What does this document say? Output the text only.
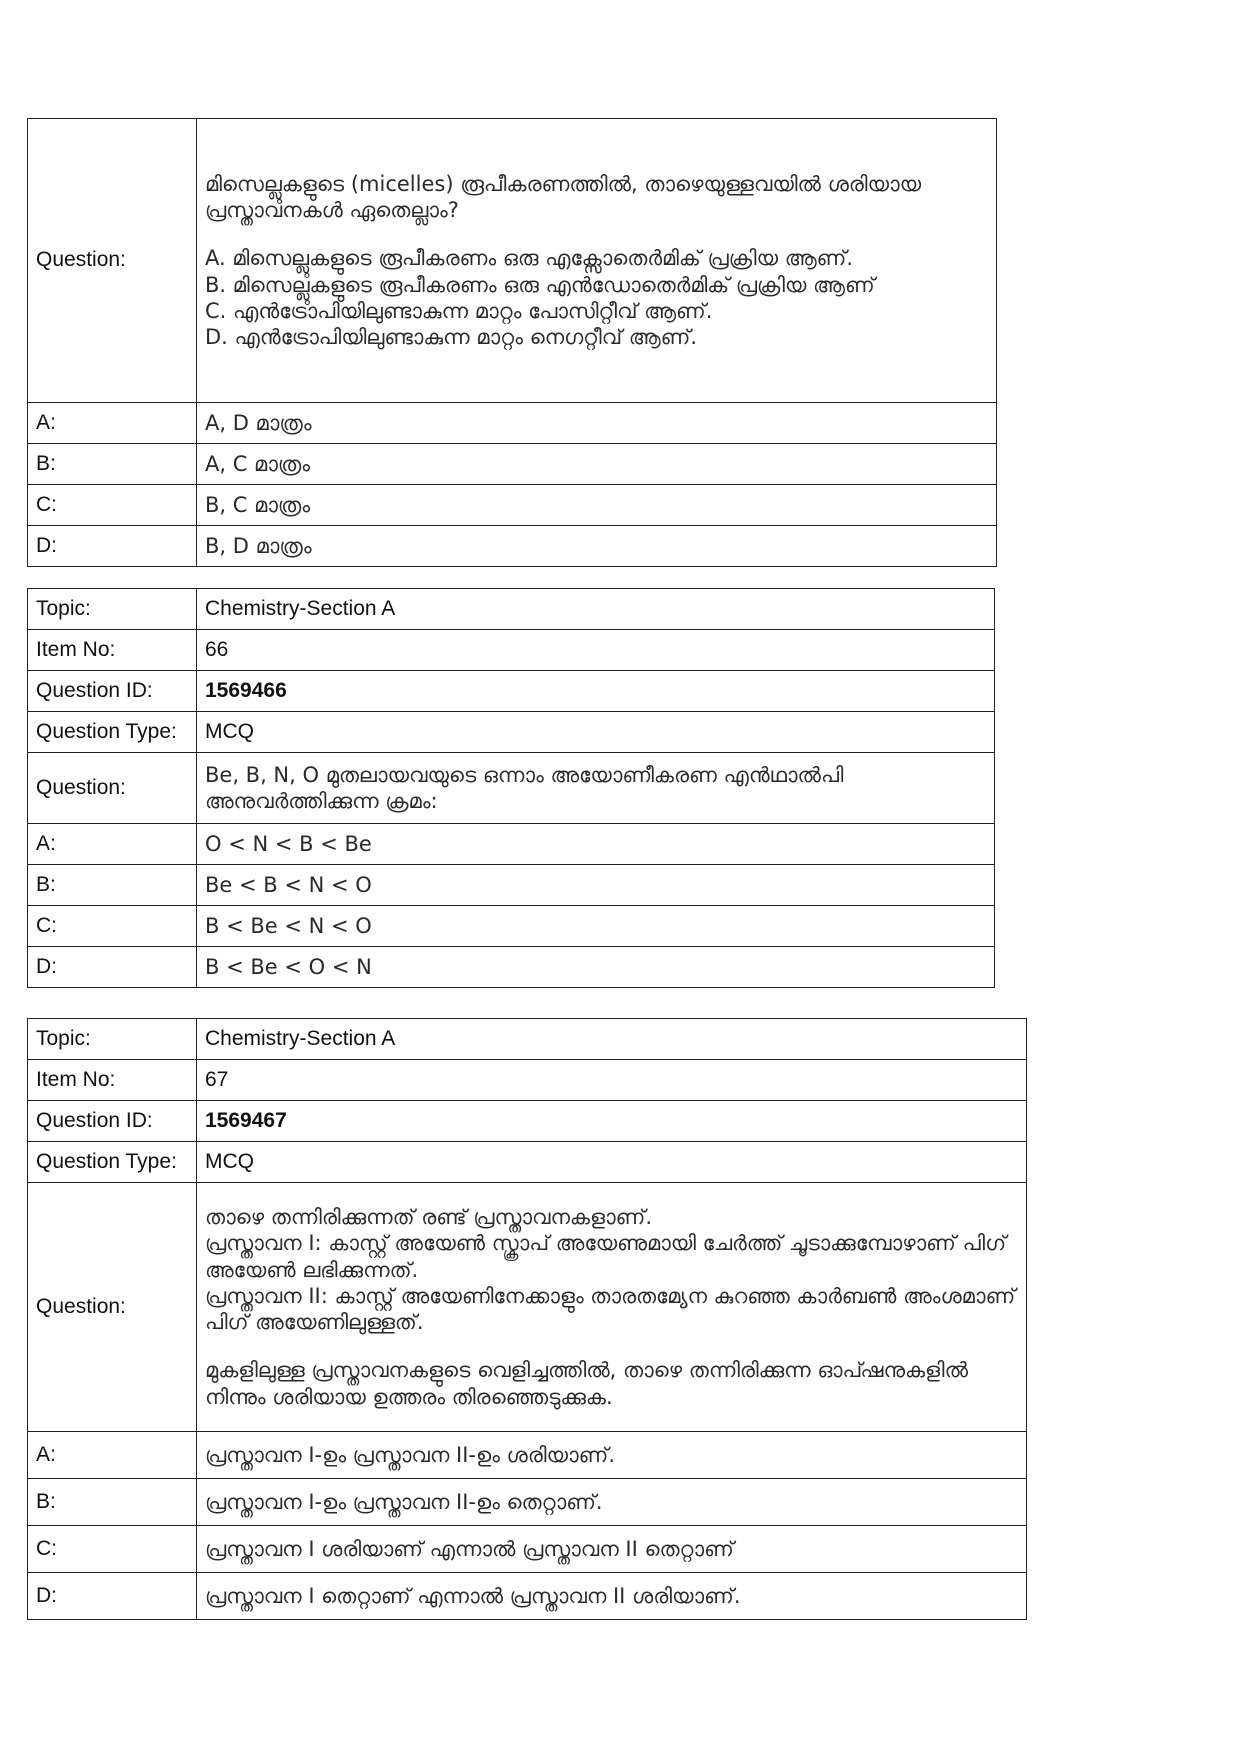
Question:	മിസെല്ലുകളുടെ (micelles) രൂപീകരണത്തിൽ, താഴെയുള്ളവയിൽ ശരിയായ പ്രസ്താവനകൾ ഏതെല്ലാം?
A. മിസെല്ലുകളുടെ രൂപീകരണം ഒരു എക്സോതെർമിക് പ്രക്രിയ ആണ്.
B. മിസെല്ലുകളുടെ രൂപീകരണം ഒരു എൻഡോതെർമിക് പ്രക്രിയ ആണ്
C. എൻട്രോപിയിലുണ്ടാകുന്ന മാറ്റം പോസിറ്റീവ് ആണ്.
D. എൻട്രോപിയിലുണ്ടാകുന്ന മാറ്റം നെഗറ്റീവ് ആണ്.

A:	A, D മാത്രം
B:	A, C മാത്രം
C:	B, C മാത്രം
D:	B, D മാത്രം
Topic:	Chemistry-Section A
Item No:	66
Question ID:	1569466
Question Type:	MCQ
Question:	Be, B, N, O മുതലായവയുടെ ഒന്നാം അയോണീകരണ എൻഥാൽപി അനുവർത്തിക്കുന്ന ക്രമം:
A:	O < N < B < Be
B:	Be < B < N < O
C:	B < Be < N < O
D:	B < Be < O < N
Topic:	Chemistry-Section A
Item No:	67
Question ID:	1569467
Question Type:	MCQ
Question:	താഴെ തന്നിരിക്കുന്നത് രണ്ട് പ്രസ്താവനകളാണ്.
പ്രസ്താവന I: കാസ്റ്റ് അയേൺ സ്ക്രാപ് അയേണുമായി ചേർത്ത് ചൂടാക്കുമ്പോഴാണ് പിഗ് അയേൺ ലഭിക്കുന്നത്.
പ്രസ്താവന II: കാസ്റ്റ് അയേണിനേക്കാളും താരതമ്യേന കുറഞ്ഞ കാർബൺ അംശമാണ് പിഗ് അയേണിലുള്ളത്.
മുകളിലുള്ള പ്രസ്താവനകളുടെ വെളിച്ചത്തിൽ, താഴെ തന്നിരിക്കുന്ന ഓപ്ഷനുകളിൽ നിന്നും ശരിയായ ഉത്തരം തിരഞ്ഞെടുക്കുക.

A:	പ്രസ്താവന I-ഉം പ്രസ്താവന II-ഉം ശരിയാണ്.
B:	പ്രസ്താവന I-ഉം പ്രസ്താവന II-ഉം തെറ്റാണ്.
C:	പ്രസ്താവന I ശരിയാണ് എന്നാൽ പ്രസ്താവന II തെറ്റാണ്
D:	പ്രസ്താവന I തെറ്റാണ് എന്നാൽ പ്രസ്താവന II ശരിയാണ്.
